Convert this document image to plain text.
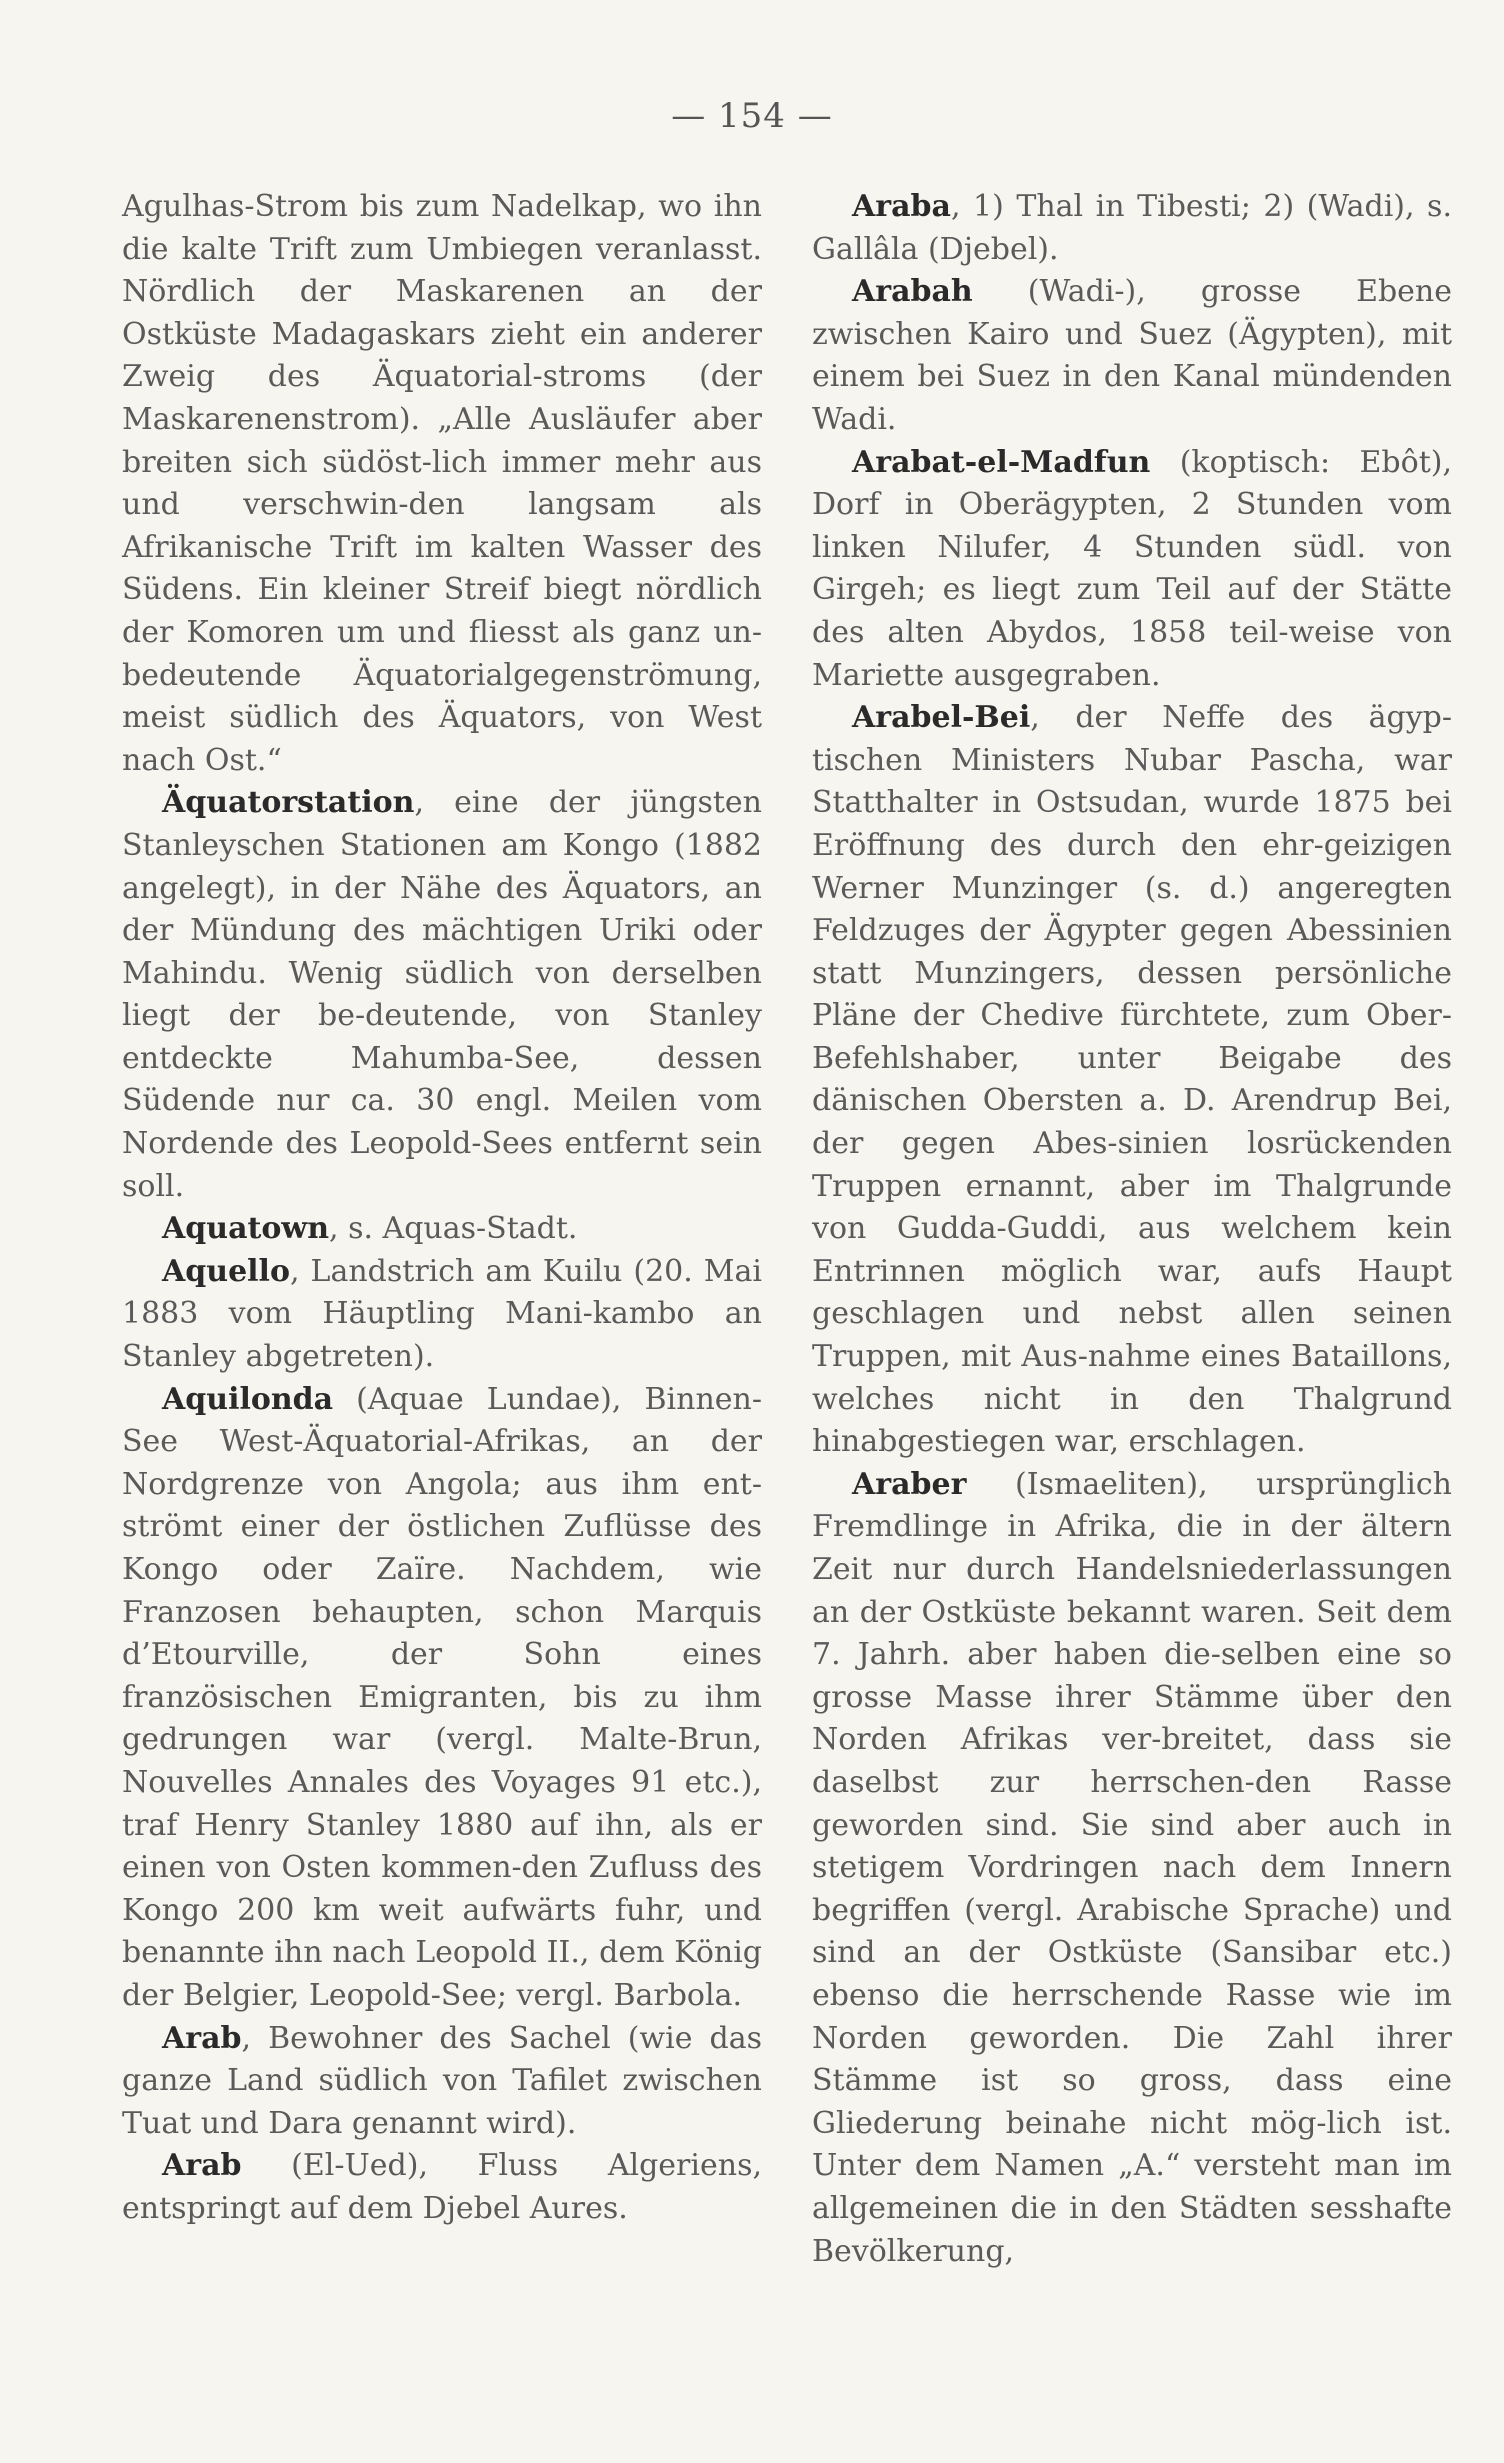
— 154 —

Agulhas-Strom bis zum Nadelkap, wo ihn die kalte Trift zum Umbiegen veranlasst. Nördlich der Maskarenen an der Ostküste Madagaskars zieht ein anderer Zweig des Äquatorial-stroms (der Maskarenenstrom). „Alle Ausläufer aber breiten sich südöst-lich immer mehr aus und verschwin-den langsam als Afrikanische Trift im kalten Wasser des Südens. Ein kleiner Streif biegt nördlich der Komoren um und fliesst als ganz un-bedeutende Äquatorialgegenströmung, meist südlich des Äquators, von West nach Ost.“

Äquatorstation, eine der jüngsten Stanleyschen Stationen am Kongo (1882 angelegt), in der Nähe des Äquators, an der Mündung des mächtigen Uriki oder Mahindu. Wenig südlich von derselben liegt der be-deutende, von Stanley entdeckte Mahumba-See, dessen Südende nur ca. 30 engl. Meilen vom Nordende des Leopold-Sees entfernt sein soll.

Aquatown, s. Aquas-Stadt.

Aquello, Landstrich am Kuilu (20. Mai 1883 vom Häuptling Mani-kambo an Stanley abgetreten).

Aquilonda (Aquae Lundae), Binnen-See West-Äquatorial-Afrikas, an der Nordgrenze von Angola; aus ihm ent-strömt einer der östlichen Zuflüsse des Kongo oder Zaïre. Nachdem, wie Franzosen behaupten, schon Marquis d’Etourville, der Sohn eines französischen Emigranten, bis zu ihm gedrungen war (vergl. Malte-Brun, Nouvelles Annales des Voyages 91 etc.), traf Henry Stanley 1880 auf ihn, als er einen von Osten kommen-den Zufluss des Kongo 200 km weit aufwärts fuhr, und benannte ihn nach Leopold II., dem König der Belgier, Leopold-See; vergl. Barbola.

Arab, Bewohner des Sachel (wie das ganze Land südlich von Tafilet zwischen Tuat und Dara genannt wird).

Arab (El-Ued), Fluss Algeriens, entspringt auf dem Djebel Aures.

Araba, 1) Thal in Tibesti; 2) (Wadi), s. Gallâla (Djebel).

Arabah (Wadi-), grosse Ebene zwischen Kairo und Suez (Ägypten), mit einem bei Suez in den Kanal mündenden Wadi.

Arabat-el-Madfun (koptisch: Ebôt), Dorf in Oberägypten, 2 Stunden vom linken Nilufer, 4 Stunden südl. von Girgeh; es liegt zum Teil auf der Stätte des alten Abydos, 1858 teil-weise von Mariette ausgegraben.

Arabel-Bei, der Neffe des ägyp-tischen Ministers Nubar Pascha, war Statthalter in Ostsudan, wurde 1875 bei Eröffnung des durch den ehr-geizigen Werner Munzinger (s. d.) angeregten Feldzuges der Ägypter gegen Abessinien statt Munzingers, dessen persönliche Pläne der Chedive fürchtete, zum Ober-Befehlshaber, unter Beigabe des dänischen Obersten a. D. Arendrup Bei, der gegen Abes-sinien losrückenden Truppen ernannt, aber im Thalgrunde von Gudda-Guddi, aus welchem kein Entrinnen möglich war, aufs Haupt geschlagen und nebst allen seinen Truppen, mit Aus-nahme eines Bataillons, welches nicht in den Thalgrund hinabgestiegen war, erschlagen.

Araber (Ismaeliten), ursprünglich Fremdlinge in Afrika, die in der ältern Zeit nur durch Handelsniederlassungen an der Ostküste bekannt waren. Seit dem 7. Jahrh. aber haben die-selben eine so grosse Masse ihrer Stämme über den Norden Afrikas ver-breitet, dass sie daselbst zur herrschen-den Rasse geworden sind. Sie sind aber auch in stetigem Vordringen nach dem Innern begriffen (vergl. Arabische Sprache) und sind an der Ostküste (Sansibar etc.) ebenso die herrschende Rasse wie im Norden geworden. Die Zahl ihrer Stämme ist so gross, dass eine Gliederung beinahe nicht mög-lich ist. Unter dem Namen „A.“ versteht man im allgemeinen die in den Städten sesshafte Bevölkerung,
